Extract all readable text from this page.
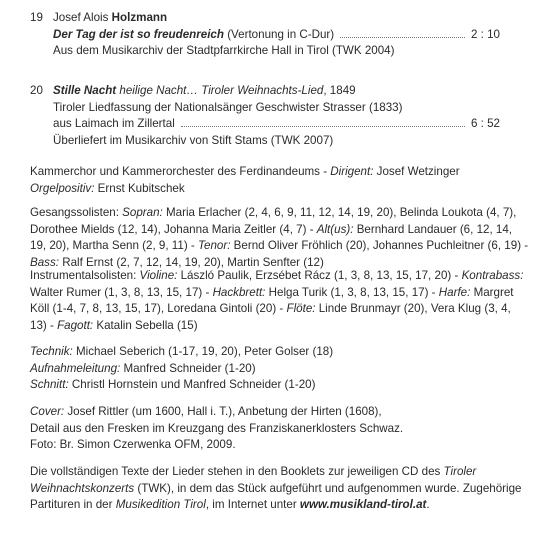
19 Josef Alois Holzmann
Der Tag der ist so freudenreich (Vertonung in C-Dur)	2 : 10
Aus dem Musikarchiv der Stadtpfarrkirche Hall in Tirol (TWK 2004)
20 Stille Nacht heilige Nacht… Tiroler Weihnachts-Lied, 1849
Tiroler Liedfassung der Nationalsänger Geschwister Strasser (1833)
aus Laimach im Zillertal	6 : 52
Überliefert im Musikarchiv von Stift Stams (TWK 2007)

Kammerchor und Kammerorchester des Ferdinandeums - Dirigent: Josef Wetzinger

Orgelpositiv: Ernst Kubitschek

Gesangssolisten: Sopran: Maria Erlacher (2, 4, 6, 9, 11, 12, 14, 19, 20), Belinda Loukota (4, 7), Dorothee Mields (12, 14), Johanna Maria Zeitler (4, 7) - Alt(us): Bernhard Landauer (6, 12, 14, 19, 20), Martha Senn (2, 9, 11) - Tenor: Bernd Oliver Fröhlich (20), Johannes Puchleitner (6, 19) - Bass: Ralf Ernst (2, 7, 12, 14, 19, 20), Martin Senfter (12)

Instrumentalsolisten: Violine: László Paulik, Erzsébet Rácz (1, 3, 8, 13, 15, 17, 20) - Kontrabass: Walter Rumer (1, 3, 8, 13, 15, 17) - Hackbrett: Helga Turik (1, 3, 8, 13, 15, 17) - Harfe: Margret Köll (1-4, 7, 8, 13, 15, 17), Loredana Gintoli (20) - Flöte: Linde Brunmayr (20), Vera Klug (3, 4, 13) - Fagott: Katalin Sebella (15)

Technik: Michael Seberich (1-17, 19, 20), Peter Golser (18)

Aufnahmeleitung: Manfred Schneider (1-20)

Schnitt: Christl Hornstein und Manfred Schneider (1-20)

Cover: Josef Rittler (um 1600, Hall i. T.), Anbetung der Hirten (1608),

Detail aus den Fresken im Kreuzgang des Franziskanerklosters Schwaz.

Foto: Br. Simon Czerwenka OFM, 2009.

Die vollständigen Texte der Lieder stehen in den Booklets zur jeweiligen CD des Tiroler Weihnachtskonzerts (TWK), in dem das Stück aufgeführt und aufgenommen wurde. Zugehörige Partituren in der Musikedition Tirol, im Internet unter www.musikland-tirol.at.
